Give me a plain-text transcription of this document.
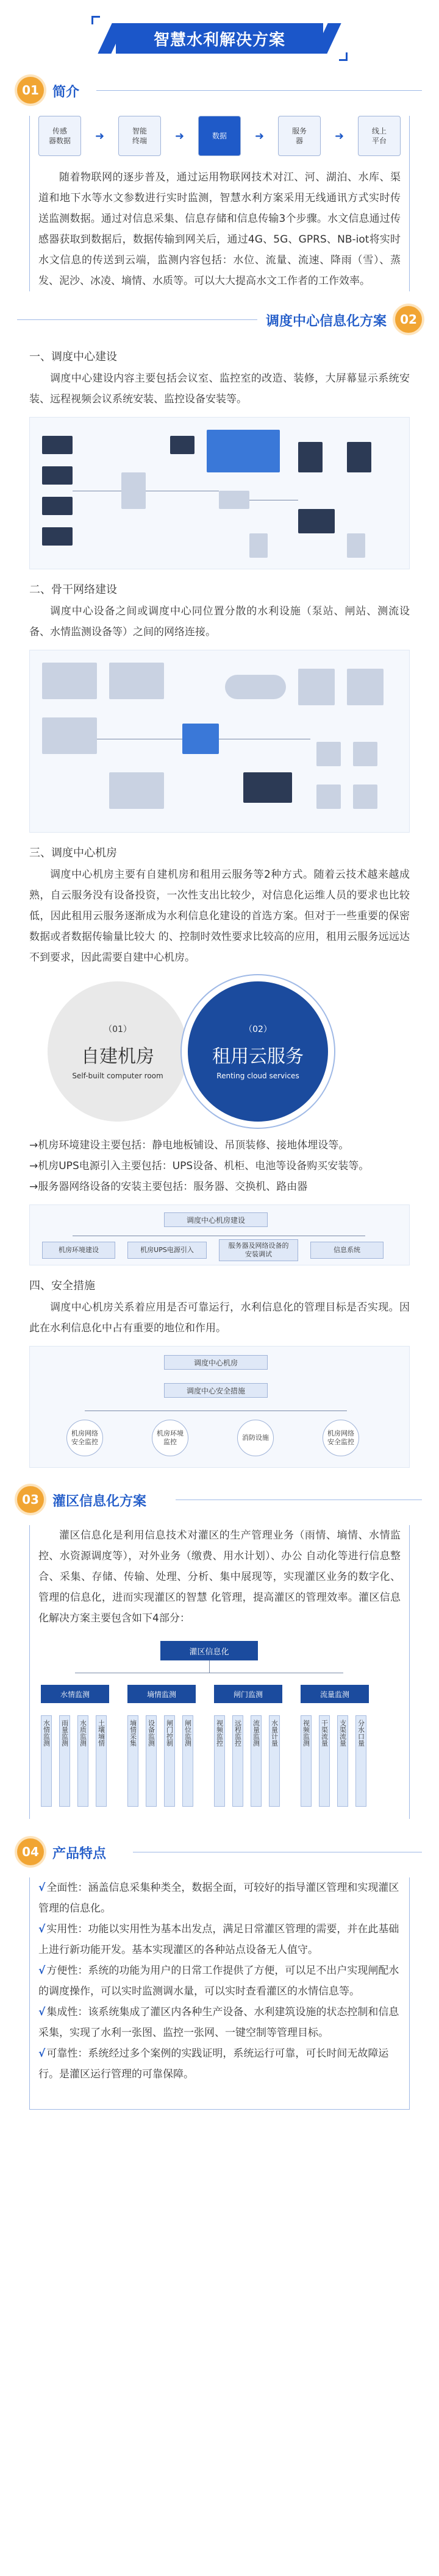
智慧水利解决方案
01	简介
传感
器数据 ➜	智能
终端	➜	数据	➜	服务
器	➜	线上
平台

随着物联网的逐步普及，通过运用物联网技术对江、河、湖泊、水库、渠道和地下水等水文参数进行实时监测，智慧水利方案采用无线通讯方式实时传送监测数据。通过对信息采集、信息存储和信息传输3个步骤。水文信息通过传感器获取到数据后，数据传输到网关后，通过4G、5G、GPRS、NB-iot将实时水文信息的传送到云端，监测内容包括：水位、流量、流速、降雨（雪）、蒸发、泥沙、冰凌、墒情、水质等。可以大大提高水文工作者的工作效率。

调度中心信息化方案	02
一、调度中心建设

调度中心建设内容主要包括会议室、监控室的改造、装修，大屏幕显示系统安装、远程视频会议系统安装、监控设备安装等。

二、骨干网络建设

调度中心设备之间或调度中心同位置分散的水利设施（泵站、闸站、测流设备、水情监测设备等）之间的网络连接。

三、调度中心机房

调度中心机房主要有自建机房和租用云服务等2种方式。随着云技术越来越成熟，自云服务没有设备投资，一次性支出比较少，对信息化运维人员的要求也比较低，因此租用云服务逐渐成为水利信息化建设的首选方案。但对于一些重要的保密数据或者数据传输量比较大 的、控制时效性要求比较高的应用，租用云服务远远达不到要求，因此需要自建中心机房。

（01）
自建机房
Self-built computer room
（02）
租用云服务
Renting cloud services

→机房环境建设主要包括：静电地板铺设、吊顶装修、接地体埋设等。

→机房UPS电源引入主要包括：UPS设备、机柜、电池等设备购买安装等。

→服务器网络设备的安装主要包括：服务器、交换机、路由器

调度中心机房建设
机房环境建设	机房UPS电源引入
服务器及网络设备的
安装调试
信息系统
四、安全措施

调度中心机房关系着应用是否可靠运行，水利信息化的管理目标是否实现。因此在水利信息化中占有重要的地位和作用。

调度中心机房
调度中心安全措施
机房网络
安全监控
机房环境
监控
消防设施
机房网络
安全监控
03	灌区信息化方案

灌区信息化是利用信息技术对灌区的生产管理业务（雨情、墒情、水情监控、水资源调度等），对外业务（缴费、用水计划）、办公 自动化等进行信息整合、采集、存储、传输、处理、分析、集中展现等，实现灌区业务的数字化、管理的信息化，进而实现灌区的智慧 化管理，提高灌区的管理效率。灌区信息化解决方案主要包含如下4部分：

灌区信息化
水情监测	墒情监测	闸门监测	流量监测
水情监测 雨量监测 水质监测 土壤墒情	墒情采集 设备监测 闸门控制 闸位监测	视频监控 远程监控 流量监测 水量计量	视频监测 干渠流量 支渠流量 分水口量
04	产品特点
√ 全面性：涵盖信息采集种类全，数据全面，可较好的指导灌区管理和实现灌区管理的信息化。
√ 实用性：功能以实用性为基本出发点，满足日常灌区管理的需要，并在此基础上进行新功能开发。基本实现灌区的各种站点设备无人值守。
√ 方便性：系统的功能为用户的日常工作提供了方便，可以足不出户实现闸配水的调度操作，可以实时监测调水量，可以实时查看灌区的水情信息等。
√ 集成性：该系统集成了灌区内各种生产设备、水利建筑设施的状态控制和信息采集，实现了水利一张图、监控一张网、一键空制等管理目标。
√ 可靠性：系统经过多个案例的实践证明，系统运行可靠，可长时间无故障运行。是灌区运行管理的可靠保障。
